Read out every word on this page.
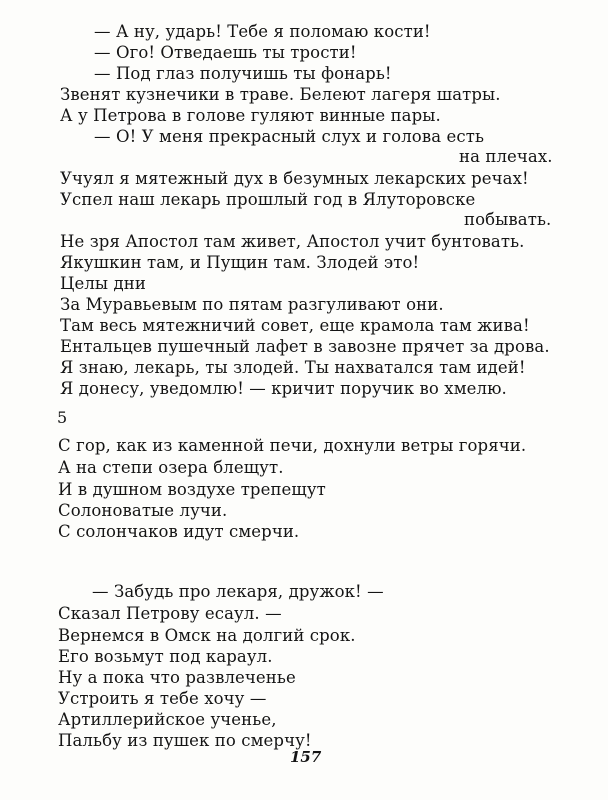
— А ну, ударь! Тебе я поломаю кости!

— Ого! Отведаешь ты трости!

— Под глаз получишь ты фонарь!

Звенят кузнечики в траве. Белеют лагеря шатры.

А у Петрова в голове гуляют винные пары.

— О! У меня прекрасный слух и голова есть

на плечах.

Учуял я мятежный дух в безумных лекарских речах!

Успел наш лекарь прошлый год в Ялуторовске

побывать.

Не зря Апостол там живет, Апостол учит бунтовать.

Якушкин там, и Пущин там. Злодей это!

Целы дни

За Муравьевым по пятам разгуливают они.

Там весь мятежничий совет, еще крамола там жива!

Ентальцев пушечный лафет в завозне прячет за дрова.

Я знаю, лекарь, ты злодей. Ты нахватался там идей!

Я донесу, уведомлю! — кричит поручик во хмелю.

5

С гор, как из каменной печи, дохнули ветры горячи.

А на степи озера блещут.

И в душном воздухе трепещут

Солоноватые лучи.

С солончаков идут смерчи.

— Забудь про лекаря, дружок! —

Сказал Петрову есаул. —

Вернемся в Омск на долгий срок.

Его возьмут под караул.

Ну а пока что развлеченье

Устроить я тебе хочу —

Артиллерийское ученье,

Пальбу из пушек по смерчу!

157
